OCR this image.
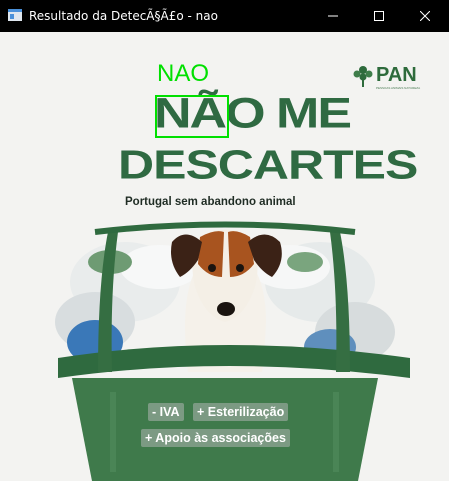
Resultado da DetecÃ§Ã£o - nao
PAN
PESSOAS ANIMAIS NATUREZA
NÃO ME
DESCARTES
Portugal sem abandono animal
- IVA	+ Esterilização
+ Apoio às associações
NAO
